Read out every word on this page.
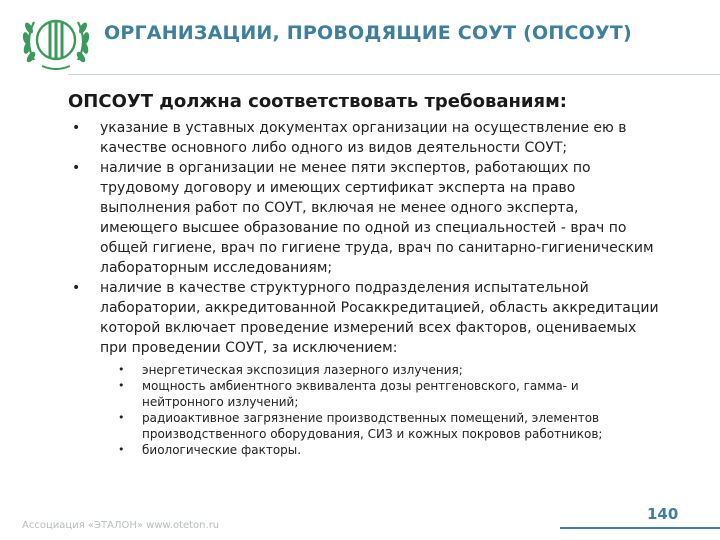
ОРГАНИЗАЦИИ, ПРОВОДЯЩИЕ СОУТ (ОПСОУТ)
ОПСОУТ должна соответствовать требованиям:
• указание в уставных документах организации на осуществление ею в
качестве основного либо одного из видов деятельности СОУТ;
• наличие в организации не менее пяти экспертов, работающих по
трудовому договору и имеющих сертификат эксперта на право
выполнения работ по СОУТ, включая не менее одного эксперта,
имеющего высшее образование по одной из специальностей - врач по
общей гигиене, врач по гигиене труда, врач по санитарно-гигиеническим
лабораторным исследованиям;
• наличие в качестве структурного подразделения испытательной
лаборатории, аккредитованной Росаккредитацией, область аккредитации
которой включает проведение измерений всех факторов, оцениваемых
при проведении СОУТ, за исключением:
• энергетическая экспозиция лазерного излучения;
• мощность амбиентного эквивалента дозы рентгеновского, гамма- и
нейтронного излучений;
• радиоактивное загрязнение производственных помещений, элементов
производственного оборудования, СИЗ и кожных покровов работников;
• биологические факторы.
Ассоциация «ЭТАЛОН» www.oteton.ru
140
